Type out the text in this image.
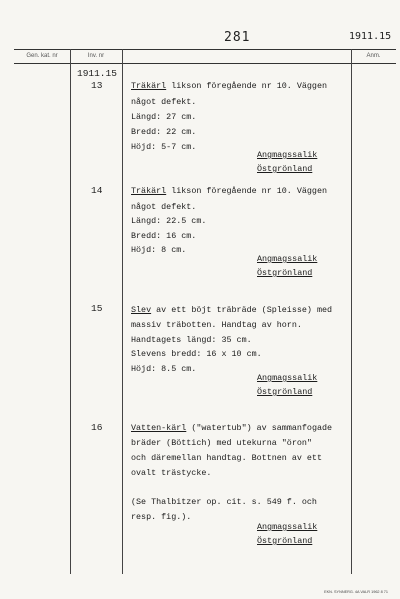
281	1911.15
Gen. kat. nr	Inv. nr	Anm.
1911.15
13	Träkärl likson föregående nr 10. Väggen
något defekt.
Längd: 27 cm.
Bredd: 22 cm.
Höjd: 5-7 cm.
Angmagssalik
Östgrönland
14	Träkärl likson föregående nr 10. Väggen
något defekt.
Längd: 22.5 cm.
Bredd: 16 cm.
Höjd: 8 cm.
Angmagssalik
Östgrönland
15	Slev av ett böjt träbräde (Spleisse) med
massiv träbotten. Handtag av horn.
Handtagets längd: 35 cm.
Slevens bredd: 16 x 10 cm.
Höjd: 8.5 cm.
Angmagssalik
Östgrönland
16	Vatten-kärl ("watertub") av sammanfogade
bräder (Böttich) med utekurna "öron"
och däremellan handtag. Bottnen av ett
ovalt trästycke.
(Se Thalbitzer op. cit. s. 549 f. och
resp. fig.).
Angmagssalik
Östgrönland
EKN. SYNNERG. 4A VALR 1962 8 71
